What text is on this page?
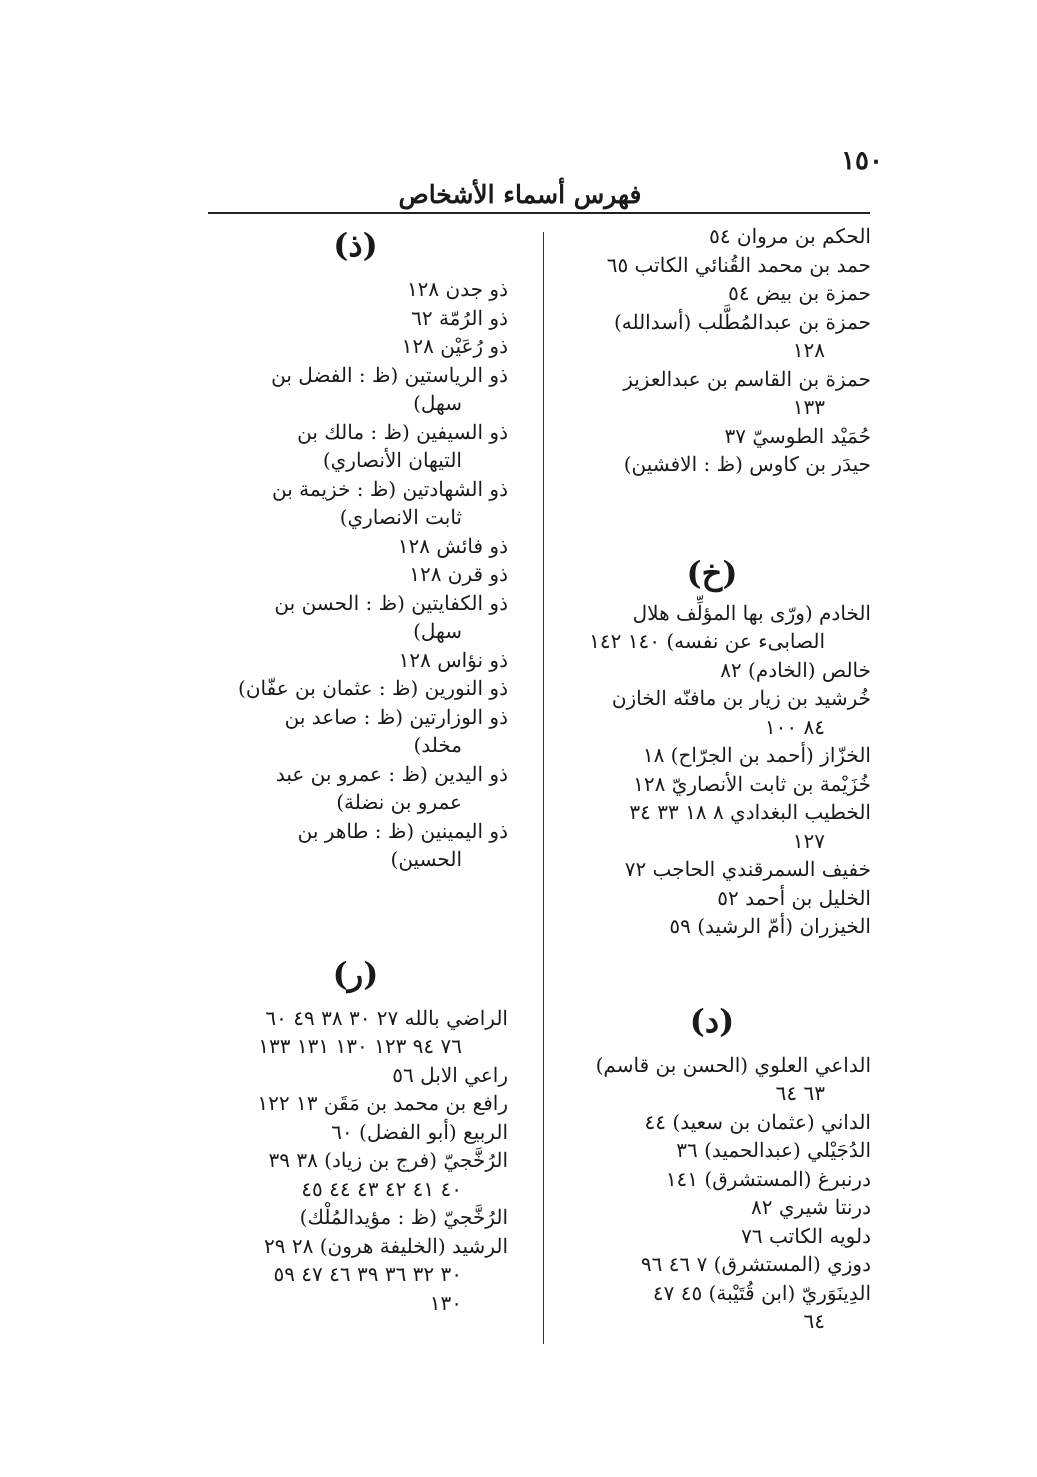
١٥٠
فهرس أسماء الأشخاص

الحكم بن مروان ٥٤

حمد بن محمد القُنائي الكاتب ٦٥

حمزة بن بيض ٥٤

حمزة بن عبدالمُطَّلب (أسدالله)
١٢٨

حمزة بن القاسم بن عبدالعزيز
١٣٣

حُمَيْد الطوسيّ ٣٧

حيدَر بن كاوس (ظ : الافشين)

(خ)

الخادم (ورّى بها المؤلِّف هلال
الصابىء عن نفسه) ١٤٠ ١٤٢

خالص (الخادم) ٨٢

خُرشيد بن زيار بن مافنّه الخازن
٨٤ ١٠٠

الخزّاز (أحمد بن الجرّاح) ١٨

خُزَيْمة بن ثابت الأنصاريّ ١٢٨

الخطيب البغدادي ٨ ١٨ ٣٣ ٣٤
١٢٧

خفيف السمرقندي الحاجب ٧٢

الخليل بن أحمد ٥٢

الخيزران (أمّ الرشيد) ٥٩

(د)

الداعي العلوي (الحسن بن قاسم)
٦٣ ٦٤

الداني (عثمان بن سعيد) ٤٤

الدُجَيْلي (عبدالحميد) ٣٦

درنبرغ (المستشرق) ١٤١

درنتا شيري ٨٢

دلويه الكاتب ٧٦

دوزي (المستشرق) ٧ ٤٦ ٩٦

الدِينَوَريّ (ابن قُتَيْبة) ٤٥ ٤٧
٦٤

(ذ)

ذو جدن ١٢٨

ذو الرُمّة ٦٢

ذو رُعَيْن ١٢٨

ذو الرياستين (ظ : الفضل بن
سهل)

ذو السيفين (ظ : مالك بن
التيهان الأنصاري)

ذو الشهادتين (ظ : خزيمة بن
ثابت الانصاري)

ذو فائش ١٢٨

ذو قرن ١٢٨

ذو الكفايتين (ظ : الحسن بن
سهل)

ذو نؤاس ١٢٨

ذو النورين (ظ : عثمان بن عفّان)

ذو الوزارتين (ظ : صاعد بن
مخلد)

ذو اليدين (ظ : عمرو بن عبد
عمرو بن نضلة)

ذو اليمينين (ظ : طاهر بن
الحسين)

(ر)

الراضي بالله ٢٧ ٣٠ ٣٨ ٤٩ ٦٠
٧٦ ٩٤ ١٢٣ ١٣٠ ١٣١ ١٣٣

راعي الابل ٥٦

رافع بن محمد بن مَقَن ١٣ ١٢٢

الربيع (أبو الفضل) ٦٠

الرُخَّجيّ (فرج بن زياد) ٣٨ ٣٩
٤٠ ٤١ ٤٢ ٤٣ ٤٤ ٤٥

الرُخَّجيّ (ظ : مؤيدالمُلْك)

الرشيد (الخليفة هرون) ٢٨ ٢٩
٣٠ ٣٢ ٣٦ ٣٩ ٤٦ ٤٧ ٥٩
١٣٠
